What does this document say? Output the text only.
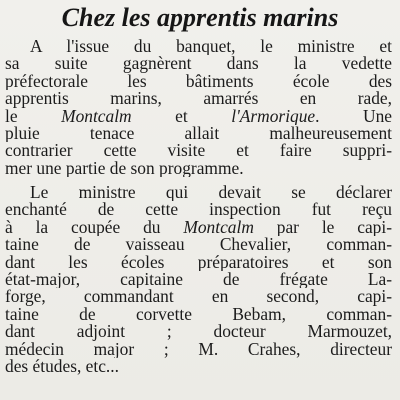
Chez les apprentis marins
A l'issue du banquet, le ministre et
sa suite gagnèrent dans la vedette
préfectorale les bâtiments école des
apprentis marins, amarrés en rade,
le Montcalm et l'Armorique. Une
pluie tenace allait malheureusement
contrarier cette visite et faire suppri-
mer une partie de son programme.
Le ministre qui devait se déclarer
enchanté de cette inspection fut reçu
à la coupée du Montcalm par le capi-
taine de vaisseau Chevalier, comman-
dant les écoles préparatoires et son
état-major, capitaine de frégate La-
forge, commandant en second, capi-
taine de corvette Bebam, comman-
dant adjoint ; docteur Marmouzet,
médecin major ; M. Crahes, directeur
des études, etc...
